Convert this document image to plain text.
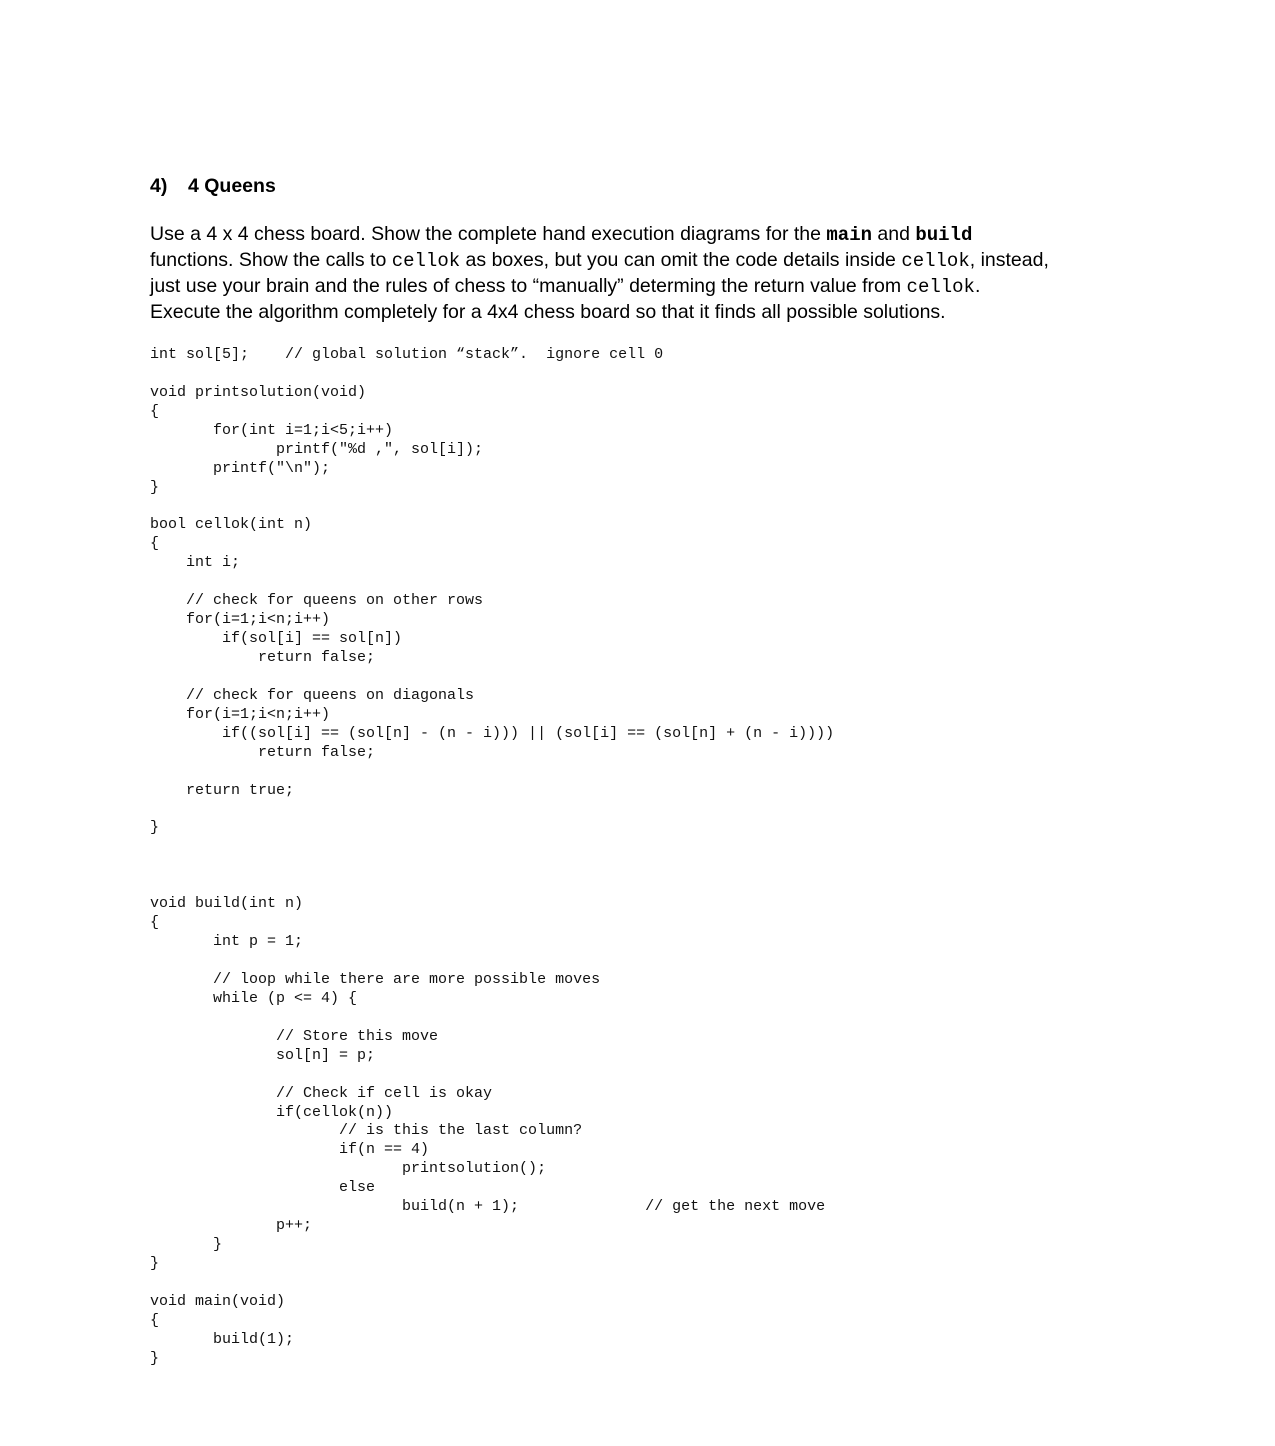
4) 4 Queens
Use a 4 x 4 chess board. Show the complete hand execution diagrams for the main and build
functions. Show the calls to cellok as boxes, but you can omit the code details inside cellok, instead,
just use your brain and the rules of chess to “manually” determing the return value from cellok.
Execute the algorithm completely for a 4x4 chess board so that it finds all possible solutions.
int sol[5];    // global solution “stack”.  ignore cell 0
void printsolution(void)
{
for(int i=1;i<5;i++)
printf("%d ,", sol[i]);
printf("\n");
}
bool cellok(int n)
{
int i;
// check for queens on other rows
for(i=1;i<n;i++)
if(sol[i] == sol[n])
return false;
// check for queens on diagonals
for(i=1;i<n;i++)
if((sol[i] == (sol[n] - (n - i))) || (sol[i] == (sol[n] + (n - i))))
return false;
return true;
}
void build(int n)
{
int p = 1;
// loop while there are more possible moves
while (p <= 4) {
// Store this move
sol[n] = p;
// Check if cell is okay
if(cellok(n))
// is this the last column?
if(n == 4)
printsolution();
else
build(n + 1);              // get the next move
p++;
}
}
void main(void)
{
build(1);
}
